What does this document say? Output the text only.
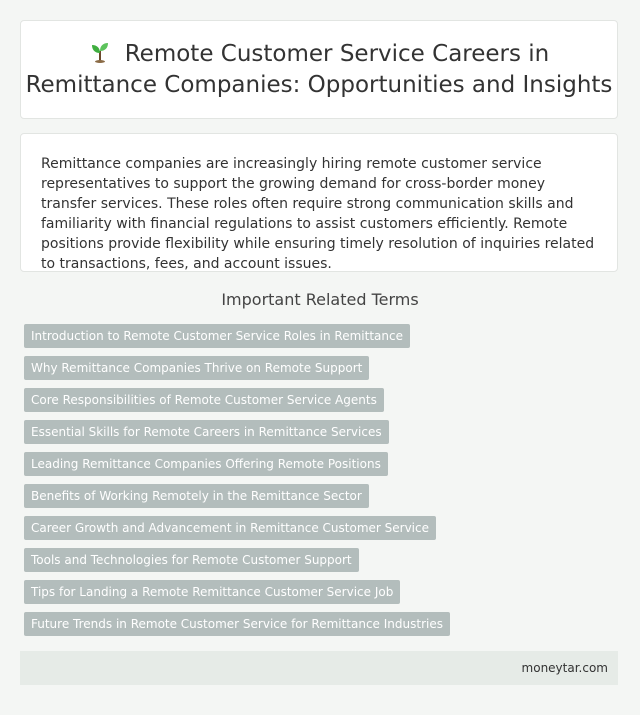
Remote Customer Service Careers in
Remittance Companies: Opportunities and Insights

Remittance companies are increasingly hiring remote customer service representatives to support the growing demand for cross-border money transfer services. These roles often require strong communication skills and familiarity with financial regulations to assist customers efficiently. Remote positions provide flexibility while ensuring timely resolution of inquiries related to transactions, fees, and account issues.

Important Related Terms
Introduction to Remote Customer Service Roles in Remittance
Why Remittance Companies Thrive on Remote Support
Core Responsibilities of Remote Customer Service Agents
Essential Skills for Remote Careers in Remittance Services
Leading Remittance Companies Offering Remote Positions
Benefits of Working Remotely in the Remittance Sector
Career Growth and Advancement in Remittance Customer Service
Tools and Technologies for Remote Customer Support
Tips for Landing a Remote Remittance Customer Service Job
Future Trends in Remote Customer Service for Remittance Industries
moneytar.com
